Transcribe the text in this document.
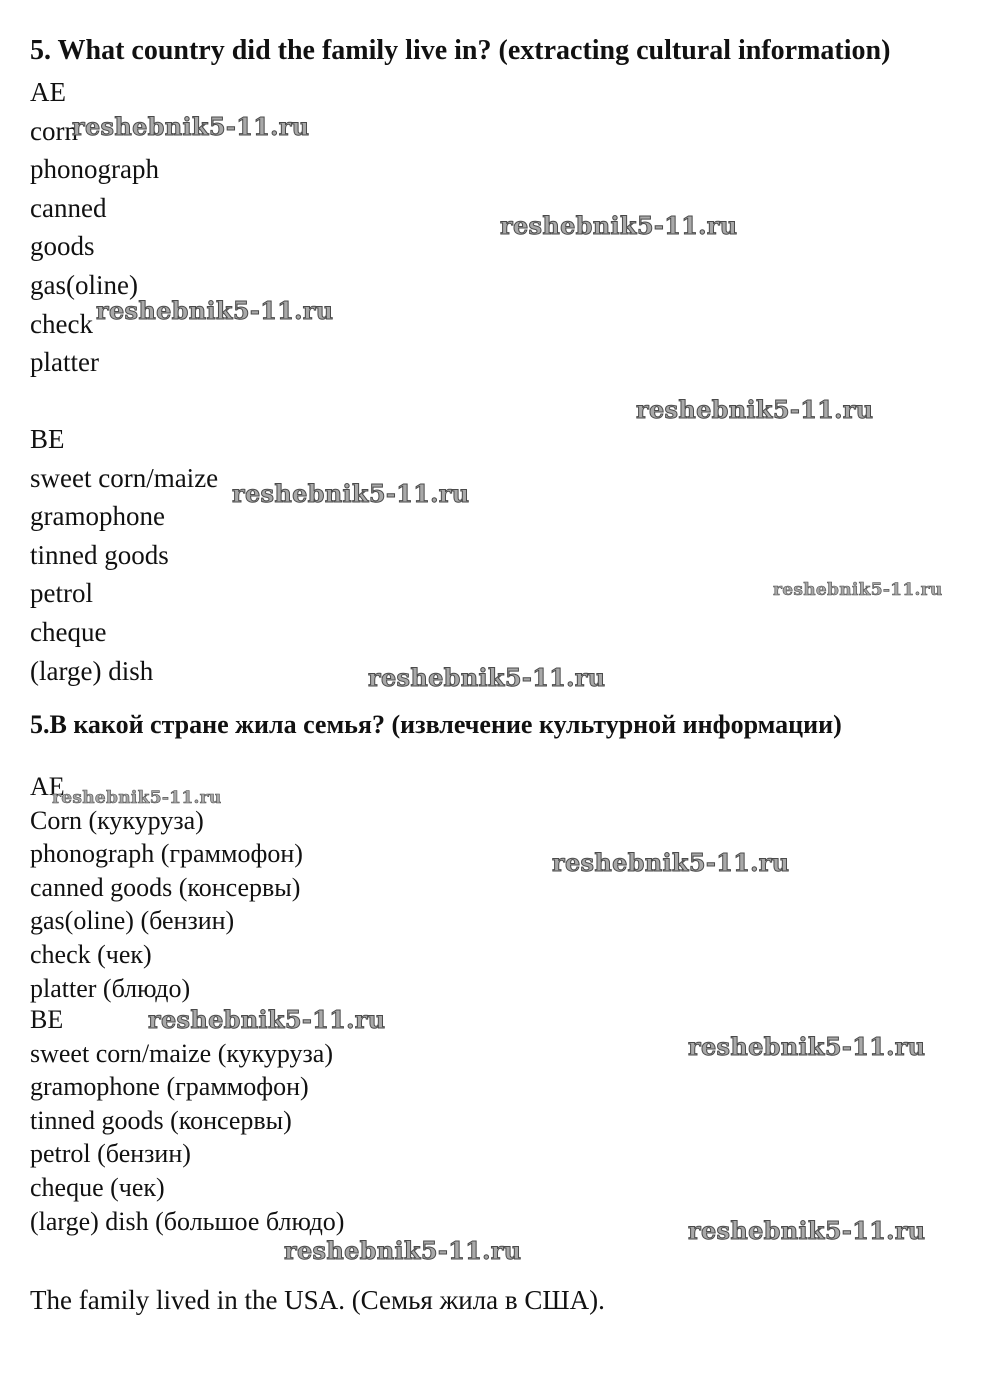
5. What country did the family live in? (extracting cultural information)
AE
corn
phonograph
canned
goods
gas(oline)
check
platter
BE
sweet corn/maize
gramophone
tinned goods
petrol
cheque
(large) dish
5.В какой стране жила семья? (извлечение культурной информации)
AE
Corn (кукуруза)
phonograph (граммофон)
canned goods (консервы)
gas(oline) (бензин)
check (чек)
platter (блюдо)
BE
sweet corn/maize (кукуруза)
gramophone (граммофон)
tinned goods (консервы)
petrol (бензин)
cheque (чек)
(large) dish (большое блюдо)
The family lived in the USA. (Семья жила в США).
reshebnik5-11.ru
reshebnik5-11.ru
reshebnik5-11.ru
reshebnik5-11.ru
reshebnik5-11.ru
reshebnik5-11.ru
reshebnik5-11.ru
reshebnik5-11.ru
reshebnik5-11.ru
reshebnik5-11.ru
reshebnik5-11.ru
reshebnik5-11.ru
reshebnik5-11.ru
